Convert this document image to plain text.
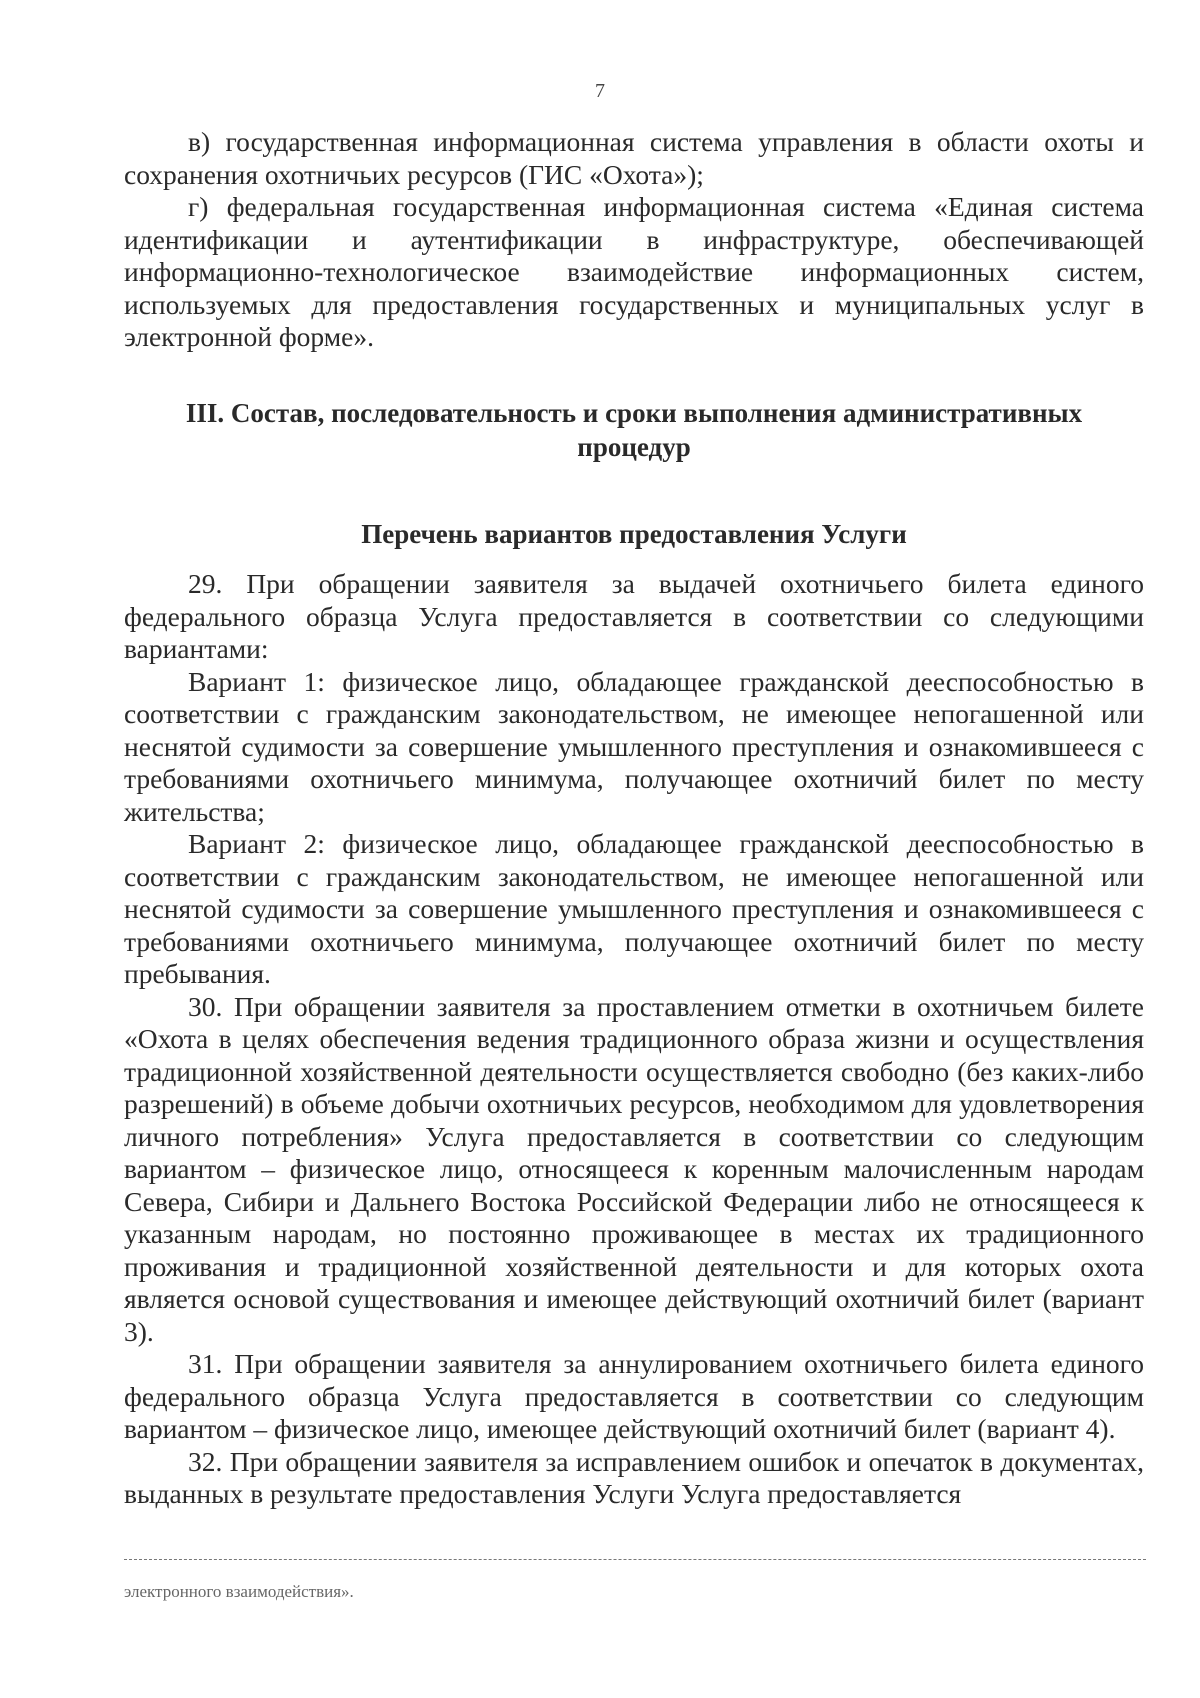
7

в) государственная информационная система управления в области охоты и сохранения охотничьих ресурсов (ГИС «Охота»);

г) федеральная государственная информационная система «Единая система идентификации и аутентификации в инфраструктуре, обеспечивающей информационно-технологическое взаимодействие информационных систем, используемых для предоставления государственных и муниципальных услуг в электронной форме».

III. Состав, последовательность и сроки выполнения административных процедур

Перечень вариантов предоставления Услуги

29. При обращении заявителя за выдачей охотничьего билета единого федерального образца Услуга предоставляется в соответствии со следующими вариантами:

Вариант 1: физическое лицо, обладающее гражданской дееспособностью в соответствии с гражданским законодательством, не имеющее непогашенной или неснятой судимости за совершение умышленного преступления и ознакомившееся с требованиями охотничьего минимума, получающее охотничий билет по месту жительства;

Вариант 2: физическое лицо, обладающее гражданской дееспособностью в соответствии с гражданским законодательством, не имеющее непогашенной или неснятой судимости за совершение умышленного преступления и ознакомившееся с требованиями охотничьего минимума, получающее охотничий билет по месту пребывания.

30. При обращении заявителя за проставлением отметки в охотничьем билете «Охота в целях обеспечения ведения традиционного образа жизни и осуществления традиционной хозяйственной деятельности осуществляется свободно (без каких-либо разрешений) в объеме добычи охотничьих ресурсов, необходимом для удовлетворения личного потребления» Услуга предоставляется в соответствии со следующим вариантом – физическое лицо, относящееся к коренным малочисленным народам Севера, Сибири и Дальнего Востока Российской Федерации либо не относящееся к указанным народам, но постоянно проживающее в местах их традиционного проживания и традиционной хозяйственной деятельности и для которых охота является основой существования и имеющее действующий охотничий билет (вариант 3).

31. При обращении заявителя за аннулированием охотничьего билета единого федерального образца Услуга предоставляется в соответствии со следующим вариантом – физическое лицо, имеющее действующий охотничий билет (вариант 4).

32. При обращении заявителя за исправлением ошибок и опечаток в документах, выданных в результате предоставления Услуги Услуга предоставляется

электронного взаимодействия».
